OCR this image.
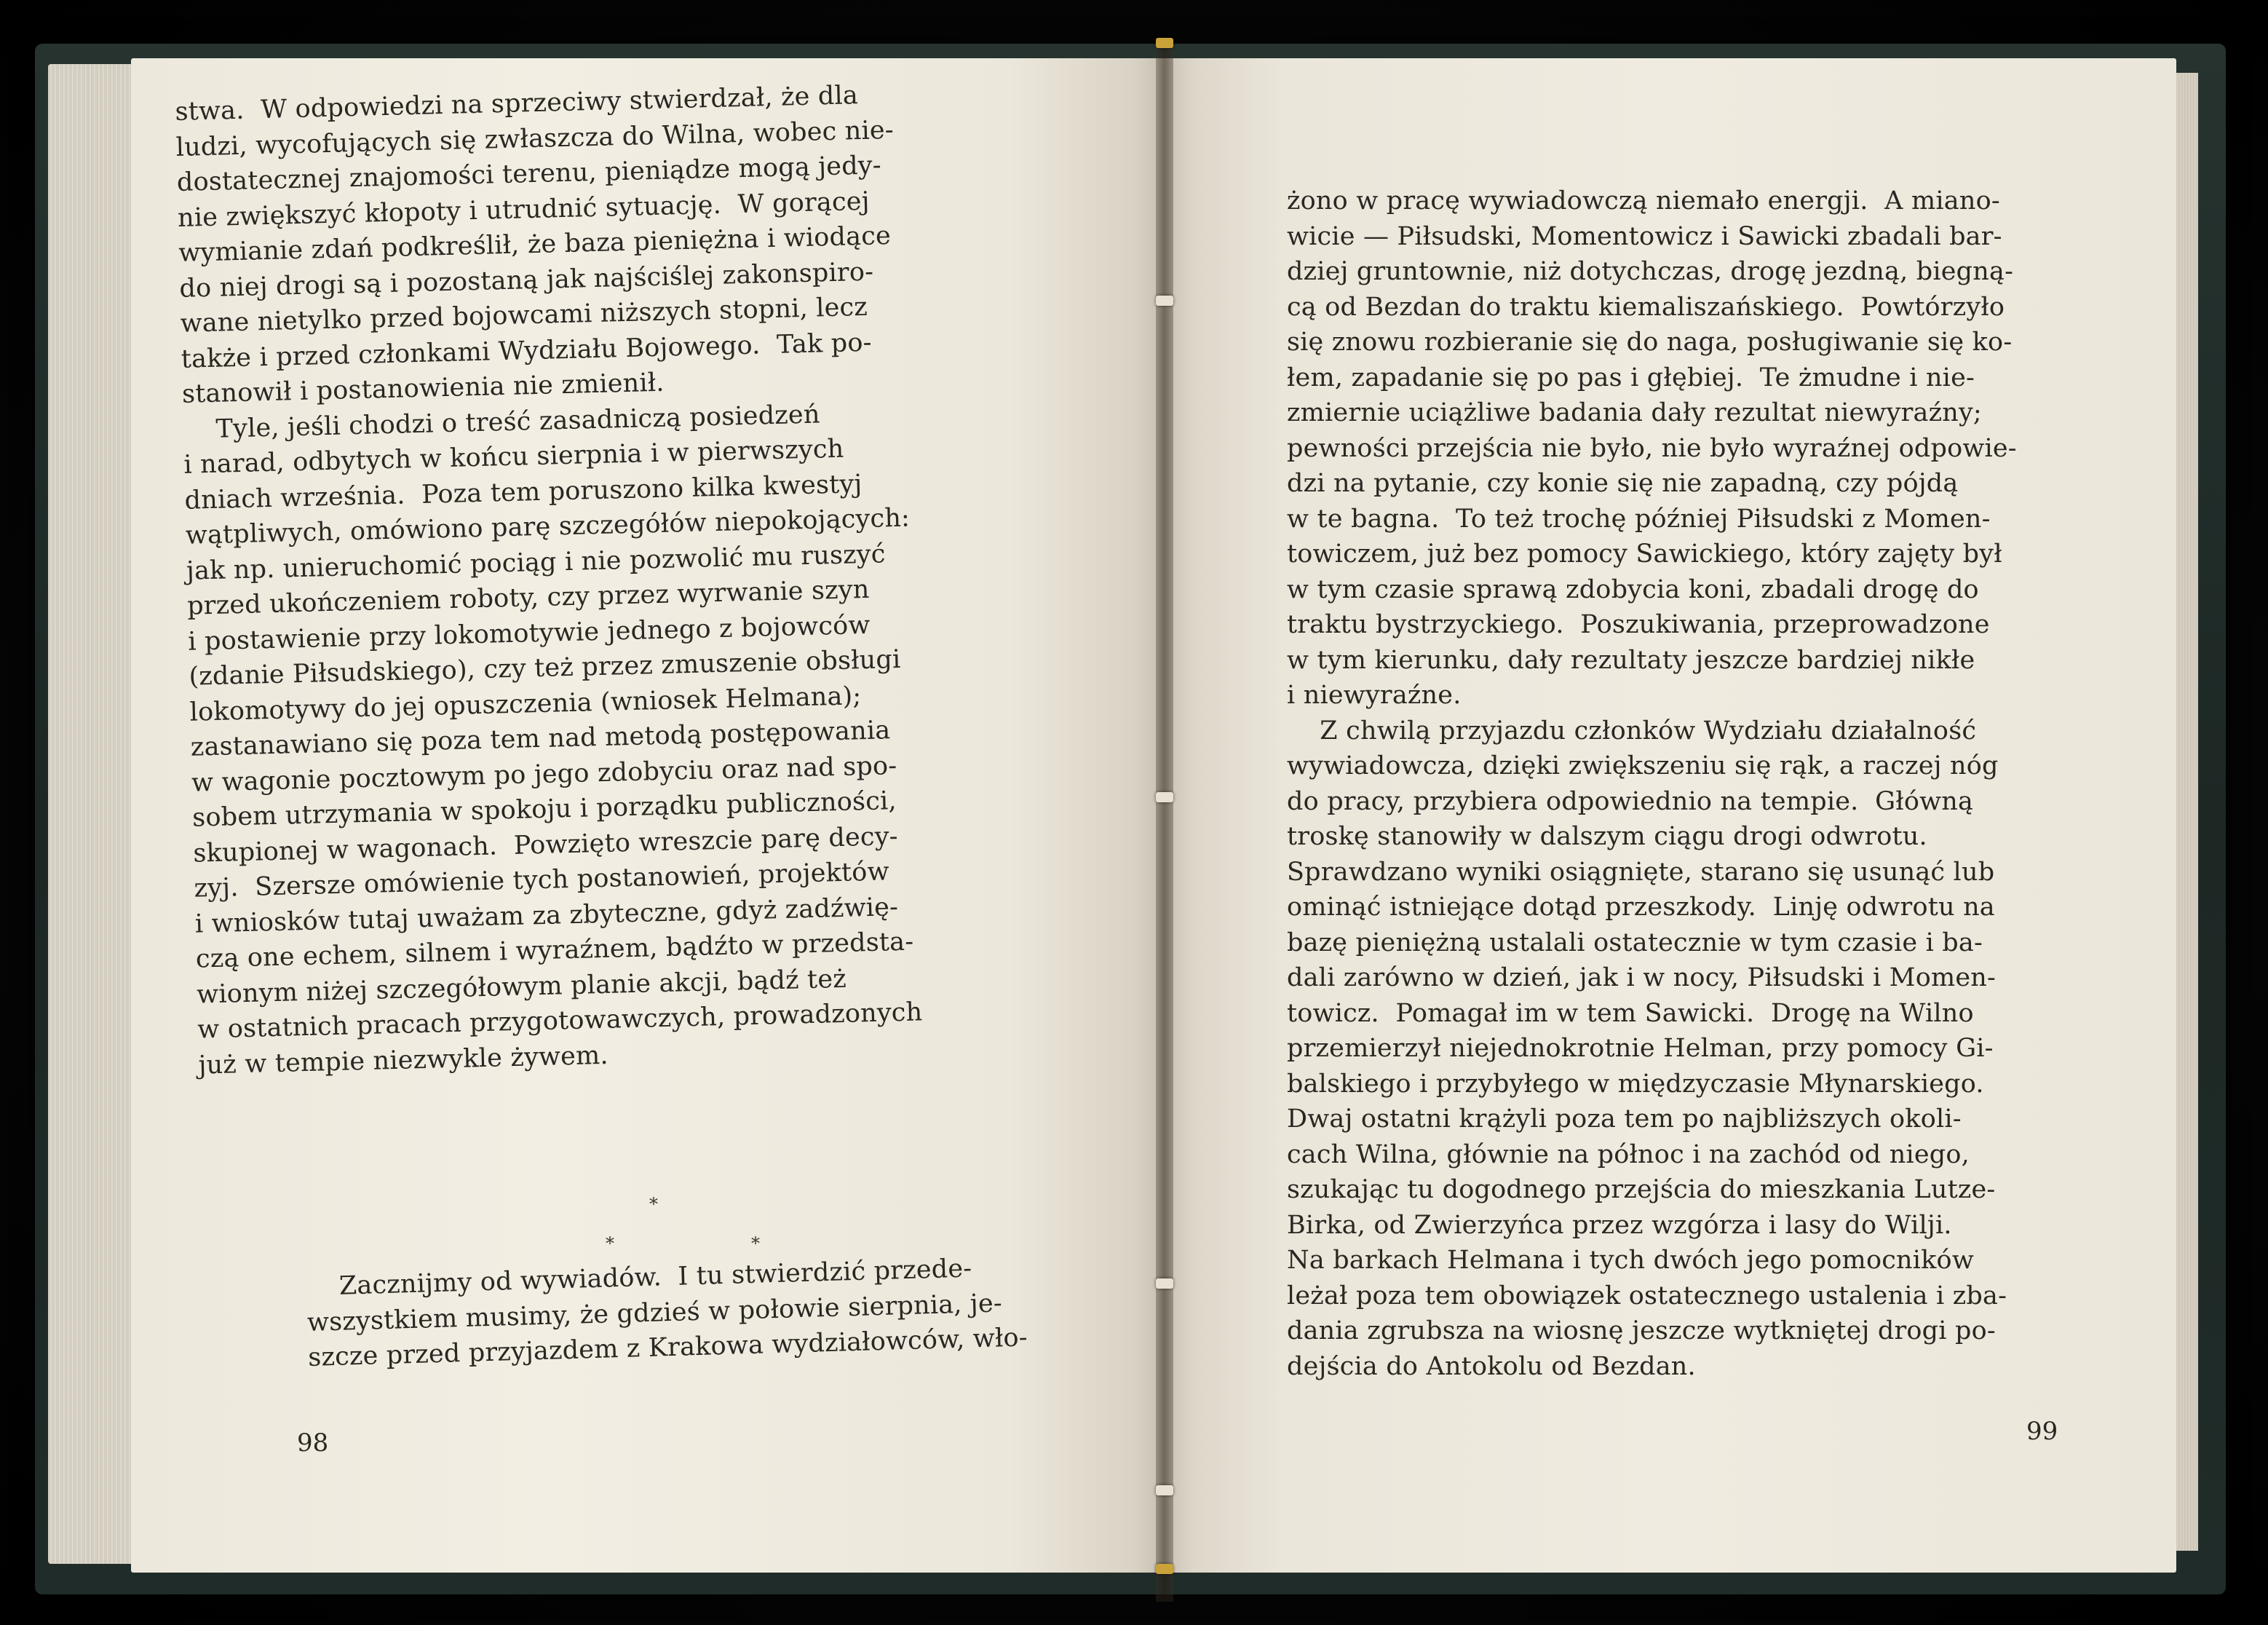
stwa.  W odpowiedzi na sprzeciwy stwierdzał, że dla
ludzi, wycofujących się zwłaszcza do Wilna, wobec nie-
dostatecznej znajomości terenu, pieniądze mogą jedy-
nie zwiększyć kłopoty i utrudnić sytuację.  W gorącej
wymianie zdań podkreślił, że baza pieniężna i wiodące
do niej drogi są i pozostaną jak najściślej zakonspiro-
wane nietylko przed bojowcami niższych stopni, lecz
także i przed członkami Wydziału Bojowego.  Tak po-
stanowił i postanowienia nie zmienił.
Tyle, jeśli chodzi o treść zasadniczą posiedzeń
i narad, odbytych w końcu sierpnia i w pierwszych
dniach września.  Poza tem poruszono kilka kwestyj
wątpliwych, omówiono parę szczegółów niepokojących:
jak np. unieruchomić pociąg i nie pozwolić mu ruszyć
przed ukończeniem roboty, czy przez wyrwanie szyn
i postawienie przy lokomotywie jednego z bojowców
(zdanie Piłsudskiego), czy też przez zmuszenie obsługi
lokomotywy do jej opuszczenia (wniosek Helmana);
zastanawiano się poza tem nad metodą postępowania
w wagonie pocztowym po jego zdobyciu oraz nad spo-
sobem utrzymania w spokoju i porządku publiczności,
skupionej w wagonach.  Powzięto wreszcie parę decy-
zyj.  Szersze omówienie tych postanowień, projektów
i wniosków tutaj uważam za zbyteczne, gdyż zadźwię-
czą one echem, silnem i wyraźnem, bądźto w przedsta-
wionym niżej szczegółowym planie akcji, bądź też
w ostatnich pracach przygotowawczych, prowadzonych
już w tempie niezwykle żywem.
*
*	*
Zacznijmy od wywiadów.  I tu stwierdzić przede-
wszystkiem musimy, że gdzieś w połowie sierpnia, je-
szcze przed przyjazdem z Krakowa wydziałowców, wło-
98
żono w pracę wywiadowczą niemało energji.  A miano-
wicie — Piłsudski, Momentowicz i Sawicki zbadali bar-
dziej gruntownie, niż dotychczas, drogę jezdną, biegną-
cą od Bezdan do traktu kiemaliszańskiego.  Powtórzyło
się znowu rozbieranie się do naga, posługiwanie się ko-
łem, zapadanie się po pas i głębiej.  Te żmudne i nie-
zmiernie uciążliwe badania dały rezultat niewyraźny;
pewności przejścia nie było, nie było wyraźnej odpowie-
dzi na pytanie, czy konie się nie zapadną, czy pójdą
w te bagna.  To też trochę później Piłsudski z Momen-
towiczem, już bez pomocy Sawickiego, który zajęty był
w tym czasie sprawą zdobycia koni, zbadali drogę do
traktu bystrzyckiego.  Poszukiwania, przeprowadzone
w tym kierunku, dały rezultaty jeszcze bardziej nikłe
i niewyraźne.
Z chwilą przyjazdu członków Wydziału działalność
wywiadowcza, dzięki zwiększeniu się rąk, a raczej nóg
do pracy, przybiera odpowiednio na tempie.  Główną
troskę stanowiły w dalszym ciągu drogi odwrotu.
Sprawdzano wyniki osiągnięte, starano się usunąć lub
ominąć istniejące dotąd przeszkody.  Linję odwrotu na
bazę pieniężną ustalali ostatecznie w tym czasie i ba-
dali zarówno w dzień, jak i w nocy, Piłsudski i Momen-
towicz.  Pomagał im w tem Sawicki.  Drogę na Wilno
przemierzył niejednokrotnie Helman, przy pomocy Gi-
balskiego i przybyłego w międzyczasie Młynarskiego.
Dwaj ostatni krążyli poza tem po najbliższych okoli-
cach Wilna, głównie na północ i na zachód od niego,
szukając tu dogodnego przejścia do mieszkania Lutze-
Birka, od Zwierzyńca przez wzgórza i lasy do Wilji.
Na barkach Helmana i tych dwóch jego pomocników
leżał poza tem obowiązek ostatecznego ustalenia i zba-
dania zgrubsza na wiosnę jeszcze wytkniętej drogi po-
dejścia do Antokolu od Bezdan.
99
